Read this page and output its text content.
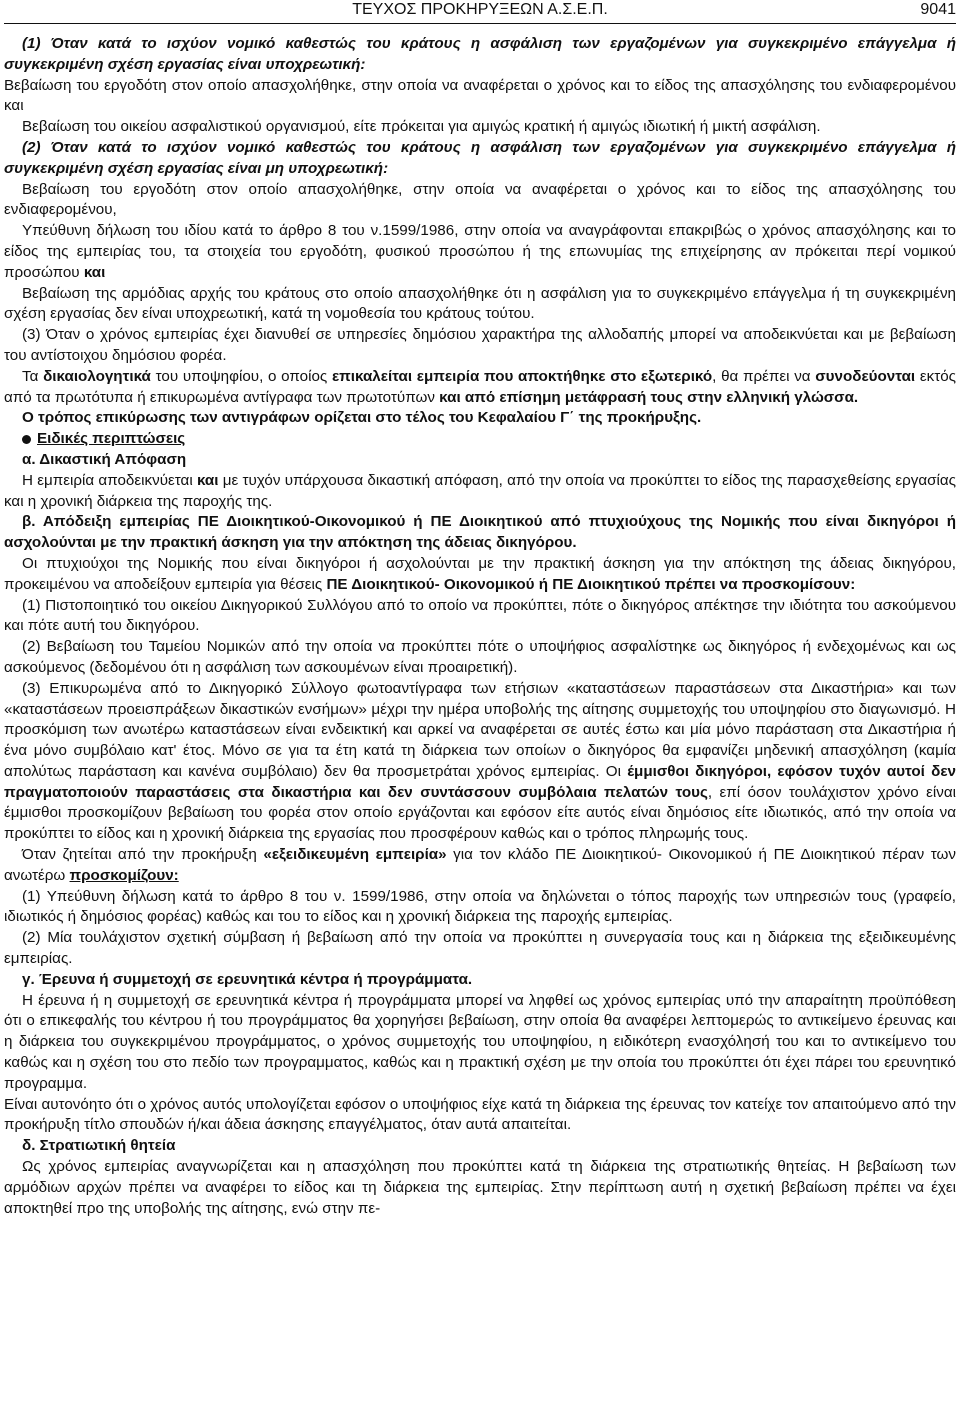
ΤΕΥΧΟΣ ΠΡΟΚΗΡΥΞΕΩΝ Α.Σ.Ε.Π.	9041

(1) Όταν κατά το ισχύον νομικό καθεστώς του κράτους η ασφάλιση των εργαζομένων για συγκεκριμένο επάγγελμα ή συγκεκριμένη σχέση εργασίας είναι υποχρεωτική:

Βεβαίωση του εργοδότη στον οποίο απασχολήθηκε, στην οποία να αναφέρεται ο χρόνος και το είδος της απασχόλησης του ενδιαφερομένου και

Βεβαίωση του οικείου ασφαλιστικού οργανισμού, είτε πρόκειται για αμιγώς κρατική ή αμιγώς ιδιωτική ή μικτή ασφάλιση.

(2) Όταν κατά το ισχύον νομικό καθεστώς του κράτους η ασφάλιση των εργαζομένων για συγκεκριμένο επάγγελμα ή συγκεκριμένη σχέση εργασίας είναι μη υποχρεωτική:

Βεβαίωση του εργοδότη στον οποίο απασχολήθηκε, στην οποία να αναφέρεται ο χρόνος και το είδος της απασχόλησης του ενδιαφερομένου,

Υπεύθυνη δήλωση του ιδίου κατά το άρθρο 8 του ν.1599/1986, στην οποία να αναγράφονται επακριβώς ο χρόνος απασχόλησης και το είδος της εμπειρίας του, τα στοιχεία του εργοδότη, φυσικού προσώπου ή της επωνυμίας της επιχείρησης αν πρόκειται περί νομικού προσώπου και

Βεβαίωση της αρμόδιας αρχής του κράτους στο οποίο απασχολήθηκε ότι η ασφάλιση για το συγκεκριμένο επάγγελμα ή τη συγκεκριμένη σχέση εργασίας δεν είναι υποχρεωτική, κατά τη νομοθεσία του κράτους τούτου.

(3) Όταν ο χρόνος εμπειρίας έχει διανυθεί σε υπηρεσίες δημόσιου χαρακτήρα της αλλοδαπής μπορεί να αποδεικνύεται και με βεβαίωση του αντίστοιχου δημόσιου φορέα.

Τα δικαιολογητικά του υποψηφίου, ο οποίος επικαλείται εμπειρία που αποκτήθηκε στο εξωτερικό, θα πρέπει να συνοδεύονται εκτός από τα πρωτότυπα ή επικυρωμένα αντίγραφα των πρωτοτύπων και από επίσημη μετάφρασή τους στην ελληνική γλώσσα.

Ο τρόπος επικύρωσης των αντιγράφων ορίζεται στο τέλος του Κεφαλαίου Γ΄ της προκήρυξης.

Ειδικές περιπτώσεις

α. Δικαστική Απόφαση

Η εμπειρία αποδεικνύεται και με τυχόν υπάρχουσα δικαστική απόφαση, από την οποία να προκύπτει το είδος της παρασχεθείσης εργασίας και η χρονική διάρκεια της παροχής της.

β. Απόδειξη εμπειρίας ΠΕ Διοικητικού-Οικονομικού ή ΠΕ Διοικητικού από πτυχιούχους της Νομικής που είναι δικηγόροι ή ασχολούνται με την πρακτική άσκηση για την απόκτηση της άδειας δικηγόρου.

Οι πτυχιούχοι της Νομικής που είναι δικηγόροι ή ασχολούνται με την πρακτική άσκηση για την απόκτηση της άδειας δικηγόρου, προκειμένου να αποδείξουν εμπειρία για θέσεις ΠΕ Διοικητικού- Οικονομικού ή ΠΕ Διοικητικού πρέπει να προσκομίσουν:

(1) Πιστοποιητικό του οικείου Δικηγορικού Συλλόγου από το οποίο να προκύπτει, πότε ο δικηγόρος απέκτησε την ιδιότητα του ασκούμενου και πότε αυτή του δικηγόρου.

(2) Βεβαίωση του Ταμείου Νομικών από την οποία να προκύπτει πότε ο υποψήφιος ασφαλίστηκε ως δικηγόρος ή ενδεχομένως και ως ασκούμενος (δεδομένου ότι η ασφάλιση των ασκουμένων είναι προαιρετική).

(3) Επικυρωμένα από το Δικηγορικό Σύλλογο φωτοαντίγραφα των ετήσιων «καταστάσεων παραστάσεων στα Δικαστήρια» και των «καταστάσεων προεισπράξεων δικαστικών ενσήμων» μέχρι την ημέρα υποβολής της αίτησης συμμετοχής του υποψηφίου στο διαγωνισμό. Η προσκόμιση των ανωτέρω καταστάσεων είναι ενδεικτική και αρκεί να αναφέρεται σε αυτές έστω και μία μόνο παράσταση στα Δικαστήρια ή ένα μόνο συμβόλαιο κατ' έτος. Μόνο σε για τα έτη κατά τη διάρκεια των οποίων ο δικηγόρος θα εμφανίζει μηδενική απασχόληση (καμία απολύτως παράσταση και κανένα συμβόλαιο) δεν θα προσμετράται χρόνος εμπειρίας. Οι έμμισθοι δικηγόροι, εφόσον τυχόν αυτοί δεν πραγματοποιούν παραστάσεις στα δικαστήρια και δεν συντάσσουν συμβόλαια πελατών τους, επί όσον τουλάχιστον χρόνο είναι έμμισθοι προσκομίζουν βεβαίωση του φορέα στον οποίο εργάζονται και εφόσον είτε αυτός είναι δημόσιος είτε ιδιωτικός, από την οποία να προκύπτει το είδος και η χρονική διάρκεια της εργασίας που προσφέρουν καθώς και ο τρόπος πληρωμής τους.

Όταν ζητείται από την προκήρυξη «εξειδικευμένη εμπειρία» για τον κλάδο ΠΕ Διοικητικού- Οικονομικού ή ΠΕ Διοικητικού πέραν των ανωτέρω προσκομίζουν:

(1) Υπεύθυνη δήλωση κατά το άρθρο 8 του ν. 1599/1986, στην οποία να δηλώνεται ο τόπος παροχής των υπηρεσιών τους (γραφείο, ιδιωτικός ή δημόσιος φορέας) καθώς και του το είδος και η χρονική διάρκεια της παροχής εμπειρίας.

(2) Μία τουλάχιστον σχετική σύμβαση ή βεβαίωση από την οποία να προκύπτει η συνεργασία τους και η διάρκεια της εξειδικευμένης εμπειρίας.

γ. Έρευνα ή συμμετοχή σε ερευνητικά κέντρα ή προγράμματα.

Η έρευνα ή η συμμετοχή σε ερευνητικά κέντρα ή προγράμματα μπορεί να ληφθεί ως χρόνος εμπειρίας υπό την απαραίτητη προϋπόθεση ότι ο επικεφαλής του κέντρου ή του προγράμματος θα χορηγήσει βεβαίωση, στην οποία θα αναφέρει λεπτομερώς το αντικείμενο έρευνας και η διάρκεια του συγκεκριμένου προγράμματος, ο χρόνος συμμετοχής του υποψηφίου, η ειδικότερη ενασχόλησή του και το αντικείμενο του καθώς και η σχέση του στο πεδίο των προγραμματος, καθώς και η πρακτική σχέση με την οποία του προκύπτει ότι έχει πάρει του ερευνητικό προγραμμα.

Είναι αυτονόητο ότι ο χρόνος αυτός υπολογίζεται εφόσον ο υποψήφιος είχε κατά τη διάρκεια της έρευνας τον κατείχε τον απαιτούμενο από την προκήρυξη τίτλο σπουδών ή/και άδεια άσκησης επαγγέλματος, όταν αυτά απαιτείται.

δ. Στρατιωτική θητεία

Ως χρόνος εμπειρίας αναγνωρίζεται και η απασχόληση που προκύπτει κατά τη διάρκεια της στρατιωτικής θητείας. Η βεβαίωση των αρμόδιων αρχών πρέπει να αναφέρει το είδος και τη διάρκεια της εμπειρίας. Στην περίπτωση αυτή η σχετική βεβαίωση πρέπει να έχει αποκτηθεί προ της υποβολής της αίτησης, ενώ στην πε-
